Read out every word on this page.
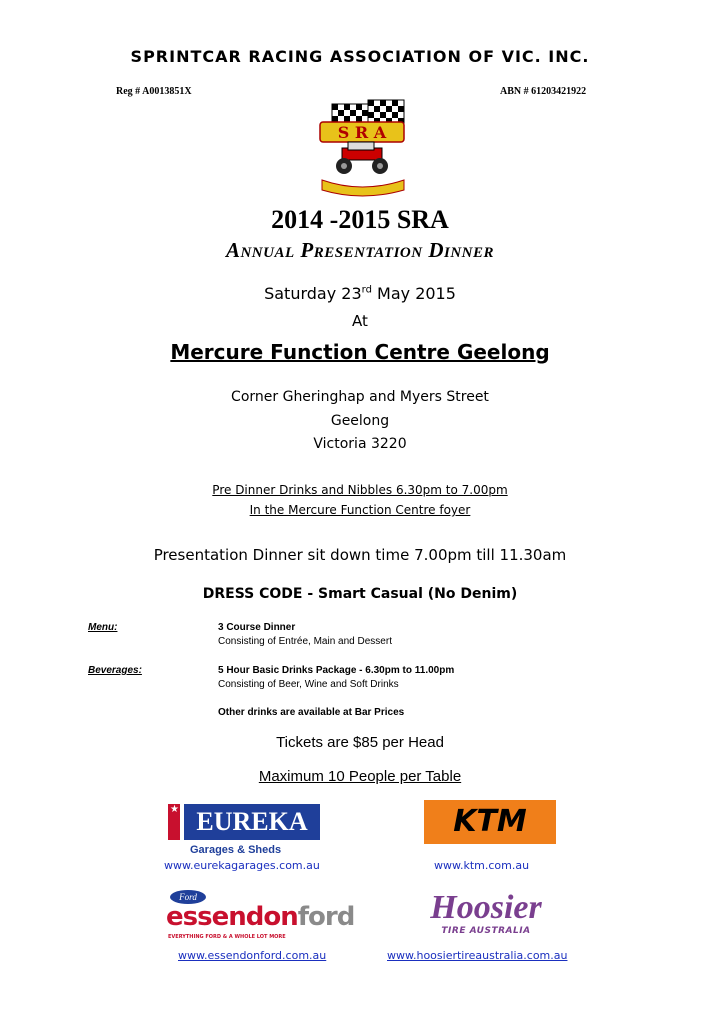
SPRINTCAR RACING ASSOCIATION OF VIC. INC.
Reg # A0013851X	ABN # 61203421922
S R A
2014 -2015 SRA
Annual Presentation Dinner
Saturday 23rd May 2015
At
Mercure Function Centre Geelong
Corner Gheringhap and Myers Street
Geelong
Victoria 3220
Pre Dinner Drinks and Nibbles 6.30pm to 7.00pm
In the Mercure Function Centre foyer
Presentation Dinner sit down time 7.00pm till 11.30am
DRESS CODE - Smart Casual (No Denim)
Menu:	3 Course Dinner
Consisting of Entrée, Main and Dessert
Beverages:	5 Hour Basic Drinks Package - 6.30pm to 11.00pm
Consisting of Beer, Wine and Soft Drinks
Other drinks are available at Bar Prices
Tickets are $85 per Head
Maximum 10 People per Table
★ EUREKA
Garages & Sheds
www.eurekagarages.com.au
KTM
www.ktm.com.au
Ford
essendonford
EVERYTHING FORD & A WHOLE LOT MORE
www.essendonford.com.au
Hoosier
TIRE AUSTRALIA
www.hoosiertireaustralia.com.au
